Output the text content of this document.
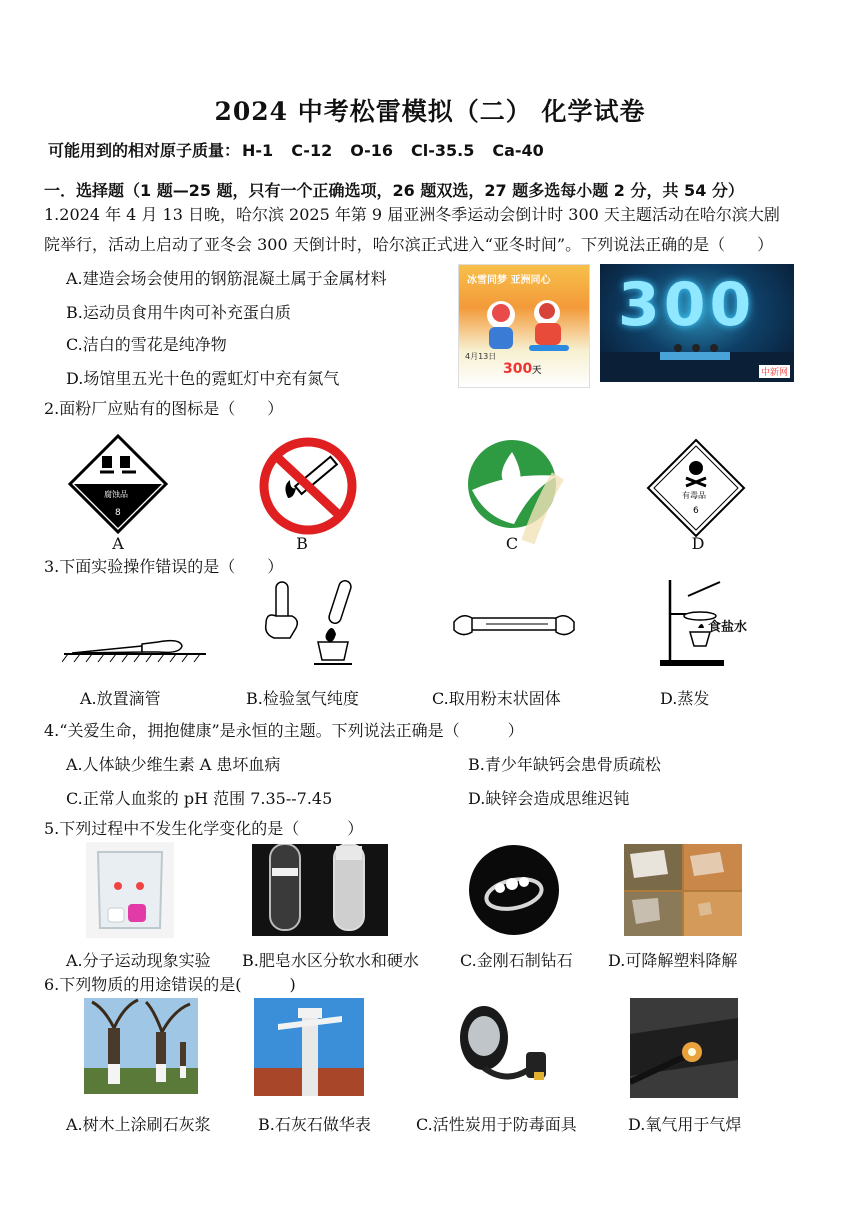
2024 中考松雷模拟（二） 化学试卷
可能用到的相对原子质量： H-1 C-12 O-16 Cl-35.5 Ca-40
一．选择题（1 题—25 题，只有一个正确选项，26 题双选，27 题多选每小题 2 分，共 54 分）
1.2024 年 4 月 13 日晚，哈尔滨 2025 年第 9 届亚洲冬季运动会倒计时 300 天主题活动在哈尔滨大剧
院举行，活动上启动了亚冬会 300 天倒计时，哈尔滨正式进入“亚冬时间”。下列说法正确的是（　　）
A.建造会场会使用的钢筋混凝土属于金属材料
B.运动员食用牛肉可补充蛋白质
C.洁白的雪花是纯净物
D.场馆里五光十色的霓虹灯中充有氮气
冰雪同梦 亚洲同心
4月13日
300天
300
中新网
2.面粉厂应贴有的图标是（　　）
腐蚀品
8
A	B	C
有毒品
6
D
3.下面实验操作错误的是（　　）
食盐水
A.放置滴管	B.检验氢气纯度	C.取用粉末状固体	D.蒸发
4.“关爱生命，拥抱健康”是永恒的主题。下列说法正确是（　　　）
A.人体缺少维生素 A 患坏血病	B.青少年缺钙会患骨质疏松
C.正常人血浆的 pH 范围 7.35--7.45	D.缺锌会造成思维迟钝
5.下列过程中不发生化学变化的是（　　　）
A.分子运动现象实验	B.肥皂水区分软水和硬水	C.金刚石制钻石	D.可降解塑料降解
6.下列物质的用途错误的是(　　　)
A.树木上涂刷石灰浆	B.石灰石做华表	C.活性炭用于防毒面具	D.氧气用于气焊
